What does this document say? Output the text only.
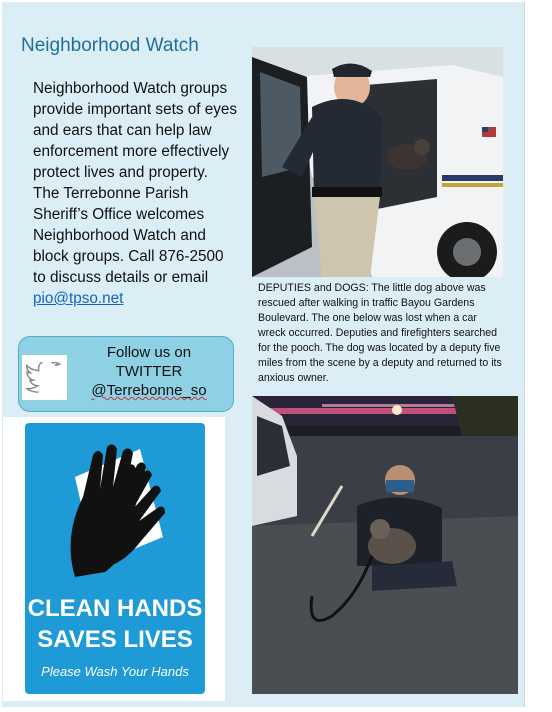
Neighborhood Watch
Neighborhood Watch groups provide important sets of eyes and ears that can help law enforcement more effectively protect lives and property.
The Terrebonne Parish Sheriff’s Office welcomes Neighborhood Watch and block groups. Call 876-2500 to discuss details or email pio@tpso.net
Follow us on
TWITTER
@Terrebonne_so
DEPUTIES and DOGS: The little dog above was rescued after walking in traffic Bayou Gardens Boulevard. The one below was lost when a car wreck occurred. Deputies and firefighters searched for the pooch. The dog was located by a deputy five miles from the scene by a deputy and returned to its anxious owner.
CLEAN HANDS
SAVES LIVES
Please Wash Your Hands
